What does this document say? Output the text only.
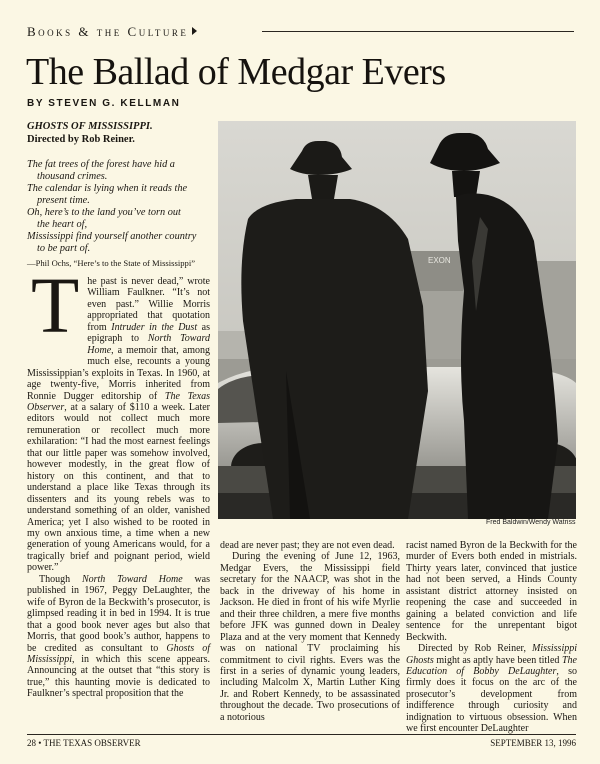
Books & the Culture
The Ballad of Medgar Evers
BY STEVEN G. KELLMAN
GHOSTS OF MISSISSIPPI.
Directed by Rob Reiner.
The fat trees of the forest have hid a
thousand crimes.
The calendar is lying when it reads the
present time.
Oh, here’s to the land you’ve torn out
the heart of,
Mississippi find yourself another country
to be part of.
—Phil Ochs, “Here’s to the State of Mississippi”	EXON
Fred Baldwin/Wendy Watriss

The past is never dead,” wrote William Faulkner. “It’s not even past.” Willie Morris appropriated that quotation from Intruder in the Dust as epigraph to North Toward Home, a memoir that, among much else, recounts a young Mississippian’s exploits in Texas. In 1960, at age twenty-five, Morris inherited from Ronnie Dugger editorship of The Texas Observer, at a salary of $110 a week. Later editors would not collect much more remuneration or recollect much more exhilaration: “I had the most earnest feelings that our little paper was somehow involved, however modestly, in the great flow of history on this continent, and that to understand a place like Texas through its dissenters and its young rebels was to understand something of an older, vanished America; yet I also wished to be rooted in my own anxious time, a time when a new generation of young Americans would, for a tragically brief and poignant period, wield power.”

Though North Toward Home was published in 1967, Peggy DeLaughter, the wife of Byron de la Beckwith’s prosecutor, is glimpsed reading it in bed in 1994. It is true that a good book never ages but also that Morris, that good book’s author, happens to be credited as consultant to Ghosts of Mississippi, in which this scene appears. Announcing at the outset that “this story is true,” this haunting movie is dedicated to Faulkner’s spectral proposition that the

dead are never past; they are not even dead.

During the evening of June 12, 1963, Medgar Evers, the Mississippi field secretary for the NAACP, was shot in the back in the driveway of his home in Jackson. He died in front of his wife Myrlie and their three children, a mere five months before JFK was gunned down in Dealey Plaza and at the very moment that Kennedy was on national TV proclaiming his commitment to civil rights. Evers was the first in a series of dynamic young leaders, including Malcolm X, Martin Luther King Jr. and Robert Kennedy, to be assassinated throughout the decade. Two prosecutions of a notorious

racist named Byron de la Beckwith for the murder of Evers both ended in mistrials. Thirty years later, convinced that justice had not been served, a Hinds County assistant district attorney insisted on reopening the case and succeeded in gaining a belated conviction and life sentence for the unrepentant bigot Beckwith.

Directed by Rob Reiner, Mississippi Ghosts might as aptly have been titled The Education of Bobby DeLaughter, so firmly does it focus on the arc of the prosecutor’s development from indifference through curiosity and indignation to virtuous obsession. When we first encounter DeLaughter

28 • THE TEXAS OBSERVER	SEPTEMBER 13, 1996
